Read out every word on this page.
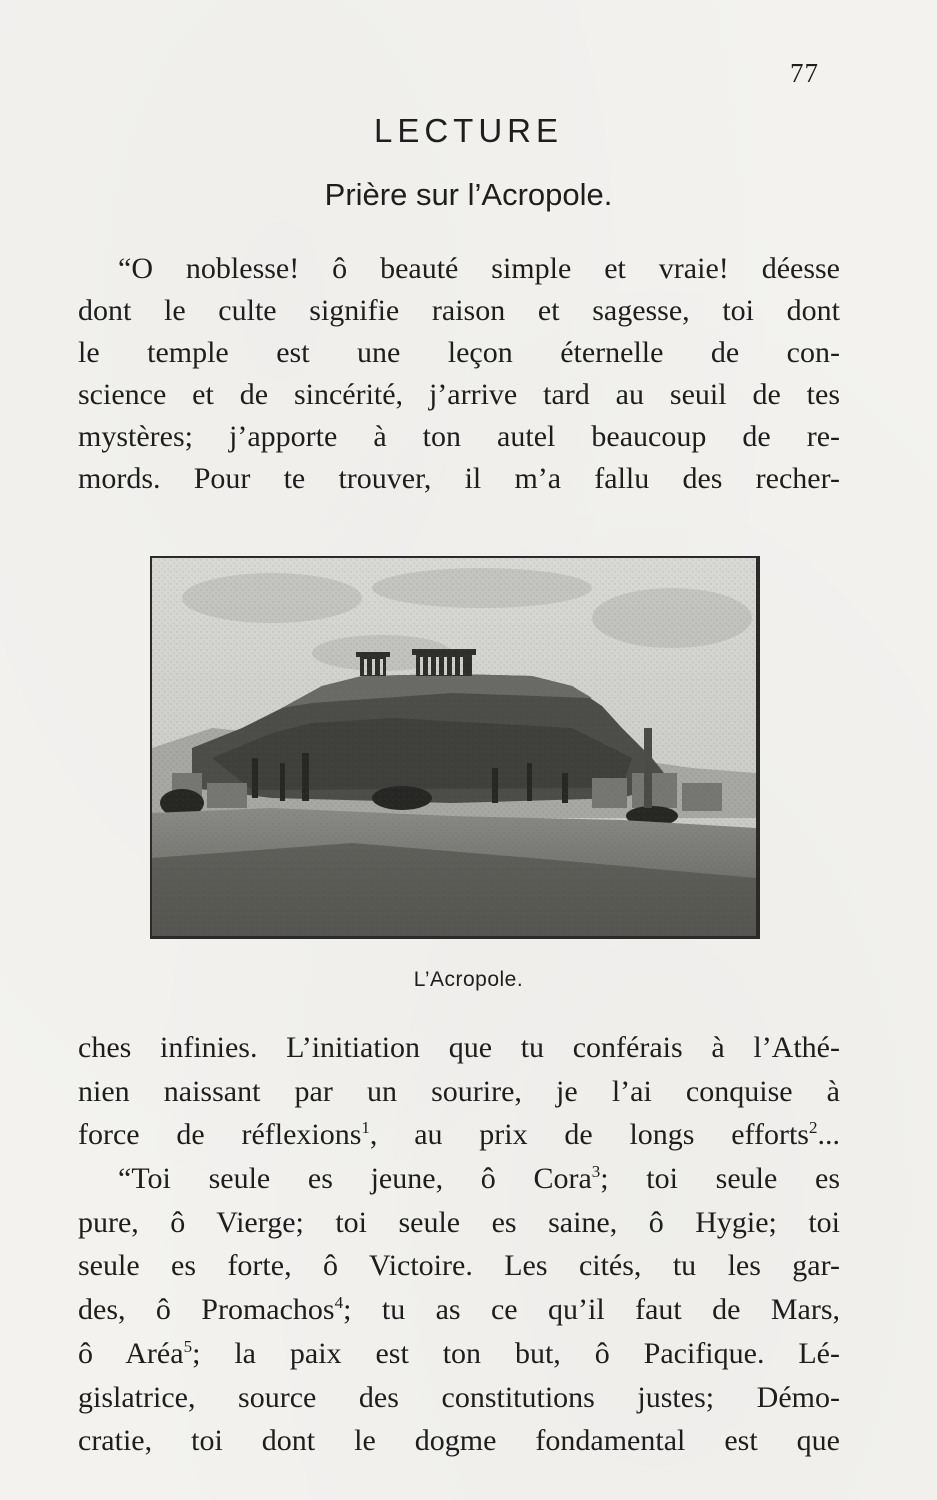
77
LECTURE
Prière sur l’Acropole.
“O noblesse! ô beauté simple et vraie! déesse
dont le culte signifie raison et sagesse, toi dont
le temple est une leçon éternelle de con-
science et de sincérité, j’arrive tard au seuil de tes
mystères; j’apporte à ton autel beaucoup de re-
mords. Pour te trouver, il m’a fallu des recher-
L’Acropole.
ches infinies. L’initiation que tu conférais à l’Athé-
nien naissant par un sourire, je l’ai conquise à
force de réflexions$^1$, au prix de longs efforts$^2$...
“Toi seule es jeune, ô Cora$^3$; toi seule es
pure, ô Vierge; toi seule es saine, ô Hygie; toi
seule es forte, ô Victoire. Les cités, tu les gar-
des, ô Promachos$^4$; tu as ce qu’il faut de Mars,
ô Aréa$^5$; la paix est ton but, ô Pacifique. Lé-
gislatrice, source des constitutions justes; Démo-
cratie, toi dont le dogme fondamental est que
